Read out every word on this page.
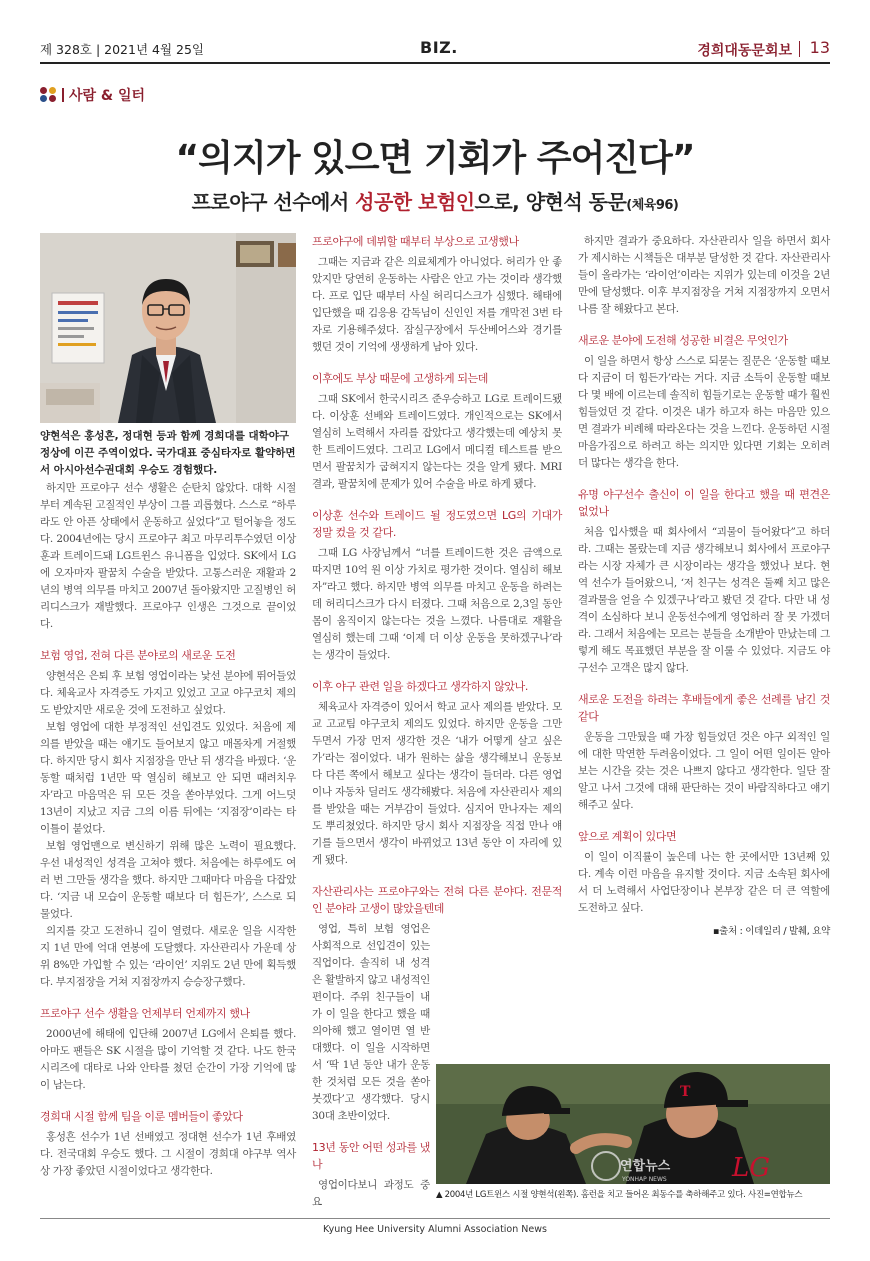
제 328호 | 2021년 4월 25일	BIZ.	경희대동문회보 13
사람 & 일터
“의지가 있으면 기회가 주어진다”
프로야구 선수에서 성공한 보험인으로, 양현석 동문(체육96)
양현석은 홍성흔, 정대현 등과 함께 경희대를 대학야구 정상에 이끈 주역이었다. 국가대표 중심타자로 활약하면서 아시아선수권대회 우승도 경험했다.

하지만 프로야구 선수 생활은 순탄치 않았다. 대학 시절부터 계속된 고질적인 부상이 그를 괴롭혔다. 스스로 “하루라도 안 아픈 상태에서 운동하고 싶었다”고 털어놓을 정도다. 2004년에는 당시 프로야구 최고 마무리투수였던 이상훈과 트레이드돼 LG트윈스 유니폼을 입었다. SK에서 LG에 오자마자 팔꿈치 수술을 받았다. 고통스러운 재활과 2년의 병역 의무를 마치고 2007년 돌아왔지만 고질병인 허리디스크가 재발했다. 프로야구 인생은 그것으로 끝이었다.

보험 영업, 전혀 다른 분야로의 새로운 도전

양현석은 은퇴 후 보험 영업이라는 낯선 분야에 뛰어들었다. 체육교사 자격증도 가지고 있었고 고교 야구코치 제의도 받았지만 새로운 것에 도전하고 싶었다.

보험 영업에 대한 부정적인 선입견도 있었다. 처음에 제의를 받았을 때는 얘기도 들어보지 않고 매몰차게 거절했다. 하지만 당시 회사 지점장을 만난 뒤 생각을 바꿨다. ‘운동할 때처럼 1년만 딱 열심히 해보고 안 되면 때려치우자’라고 마음먹은 뒤 모든 것을 쏟아부었다. 그게 어느덧 13년이 지났고 지금 그의 이름 뒤에는 ‘지점장’이라는 타이틀이 붙었다.

보험 영업맨으로 변신하기 위해 많은 노력이 필요했다. 우선 내성적인 성격을 고쳐야 했다. 처음에는 하루에도 여러 번 그만둘 생각을 했다. 하지만 그때마다 마음을 다잡았다. ‘지금 내 모습이 운동할 때보다 더 힘든가’, 스스로 되물었다.

의지를 갖고 도전하니 길이 열렸다. 새로운 일을 시작한 지 1년 만에 억대 연봉에 도달했다. 자산관리사 가운데 상위 8%만 가입할 수 있는 ‘라이언’ 지위도 2년 만에 획득했다. 부지점장을 거쳐 지점장까지 승승장구했다.

프로야구 선수 생활을 언제부터 언제까지 했나

2000년에 해태에 입단해 2007년 LG에서 은퇴를 했다. 아마도 팬들은 SK 시절을 많이 기억할 것 같다. 나도 한국시리즈에 대타로 나와 안타를 쳤던 순간이 가장 기억에 많이 남는다.

경희대 시절 함께 팀을 이룬 멤버들이 좋았다

홍성흔 선수가 1년 선배였고 정대현 선수가 1년 후배였다. 전국대회 우승도 했다. 그 시절이 경희대 야구부 역사상 가장 좋았던 시절이었다고 생각한다.

프로야구에 데뷔할 때부터 부상으로 고생했나

그때는 지금과 같은 의료체계가 아니었다. 허리가 안 좋았지만 당연히 운동하는 사람은 안고 가는 것이라 생각했다. 프로 입단 때부터 사실 허리디스크가 심했다. 해태에 입단했을 때 김응용 감독님이 신인인 저를 개막전 3번 타자로 기용해주셨다. 잠실구장에서 두산베어스와 경기를 했던 것이 기억에 생생하게 남아 있다.

이후에도 부상 때문에 고생하게 되는데

그때 SK에서 한국시리즈 준우승하고 LG로 트레이드됐다. 이상훈 선배와 트레이드였다. 개인적으로는 SK에서 열심히 노력해서 자리를 잡았다고 생각했는데 예상치 못한 트레이드였다. 그리고 LG에서 메디컬 테스트를 받으면서 팔꿈치가 굽혀지지 않는다는 것을 알게 됐다. MRI 결과, 팔꿈치에 문제가 있어 수술을 바로 하게 됐다.

이상훈 선수와 트레이드 될 정도였으면 LG의 기대가 정말 컸을 것 같다.

그때 LG 사장님께서 “너를 트레이드한 것은 금액으로 따지면 10억 원 이상 가치로 평가한 것이다. 열심히 해보자”라고 했다. 하지만 병역 의무를 마치고 운동을 하려는데 허리디스크가 다시 터졌다. 그때 처음으로 2,3일 동안 몸이 움직이지 않는다는 것을 느꼈다. 나름대로 재활을 열심히 했는데 그때 ‘이제 더 이상 운동을 못하겠구나’라는 생각이 들었다.

이후 야구 관련 일을 하겠다고 생각하지 않았나.

체육교사 자격증이 있어서 학교 교사 제의를 받았다. 모교 고교팀 야구코치 제의도 있었다. 하지만 운동을 그만두면서 가장 먼저 생각한 것은 ‘내가 어떻게 살고 싶은가’라는 점이었다. 내가 원하는 삶을 생각해보니 운동보다 다른 쪽에서 해보고 싶다는 생각이 들더라. 다른 영업이나 자동차 딜러도 생각해봤다. 처음에 자산관리사 제의를 받았을 때는 거부감이 들었다. 심지어 만나자는 제의도 뿌리쳤었다. 하지만 당시 회사 지점장을 직접 만나 얘기를 들으면서 생각이 바뀌었고 13년 동안 이 자리에 있게 됐다.

자산관리사는 프로야구와는 전혀 다른 분야다. 전문적인 분야라 고생이 많았을텐데

영업, 특히 보험 영업은 사회적으로 선입견이 있는 직업이다. 솔직히 내 성격은 활발하지 않고 내성적인 편이다. 주위 친구들이 내가 이 일을 한다고 했을 때 의아해 했고 열이면 열 반대했다. 이 일을 시작하면서 ‘딱 1년 동안 내가 운동한 것처럼 모든 것을 쏟아붓겠다’고 생각했다. 당시 30대 초반이었다.

13년 동안 어떤 성과를 냈나

영업이다보니 과정도 중요

하지만 결과가 중요하다. 자산관리사 일을 하면서 회사가 제시하는 시책들은 대부분 달성한 것 같다. 자산관리사들이 올라가는 ‘라이언’이라는 지위가 있는데 이것을 2년 만에 달성했다. 이후 부지점장을 거쳐 지점장까지 오면서 나름 잘 해왔다고 본다.

새로운 분야에 도전해 성공한 비결은 무엇인가

이 일을 하면서 항상 스스로 되묻는 질문은 ‘운동할 때보다 지금이 더 힘든가’라는 거다. 지금 소득이 운동할 때보다 몇 배에 이르는데 솔직히 힘들기로는 운동할 때가 훨씬 힘들었던 것 같다. 이것은 내가 하고자 하는 마음만 있으면 결과가 비례해 따라온다는 것을 느낀다. 운동하던 시절 마음가짐으로 하려고 하는 의지만 있다면 기회는 오히려 더 많다는 생각을 한다.

유명 야구선수 출신이 이 일을 한다고 했을 때 편견은 없었나

처음 입사했을 때 회사에서 “괴물이 들어왔다”고 하더라. 그때는 몰랐는데 지금 생각해보니 회사에서 프로야구라는 시장 자체가 큰 시장이라는 생각을 했었나 보다. 현역 선수가 들어왔으니, ‘저 친구는 성격은 둘째 치고 많은 결과물을 얻을 수 있겠구나’라고 봤던 것 같다. 다만 내 성격이 소심하다 보니 운동선수에게 영업하러 잘 못 가겠더라. 그래서 처음에는 모르는 분들을 소개받아 만났는데 그렇게 해도 목표했던 부분을 잘 이룰 수 있었다. 지금도 야구선수 고객은 많지 않다.

새로운 도전을 하려는 후배들에게 좋은 선례를 남긴 것 같다

운동을 그만뒀을 때 가장 힘들었던 것은 야구 외적인 일에 대한 막연한 두려움이었다. 그 일이 어떤 일이든 알아보는 시간을 갖는 것은 나쁘지 않다고 생각한다. 일단 잘 알고 나서 그것에 대해 판단하는 것이 바람직하다고 얘기해주고 싶다.

앞으로 계획이 있다면

이 일이 이직률이 높은데 나는 한 곳에서만 13년째 있다. 계속 이런 마음을 유지할 것이다. 지금 소속된 회사에서 더 노력해서 사업단장이나 본부장 같은 더 큰 역할에 도전하고 싶다.

▪출처 : 이데일리 / 발췌, 요약
T
연합뉴스
YONHAP NEWS	LG
▲ 2004년 LG트윈스 시절 양현석(왼쪽). 홈런을 치고 들어온 최동수를 축하해주고 있다. 사진=연합뉴스
Kyung Hee University Alumni Association News
